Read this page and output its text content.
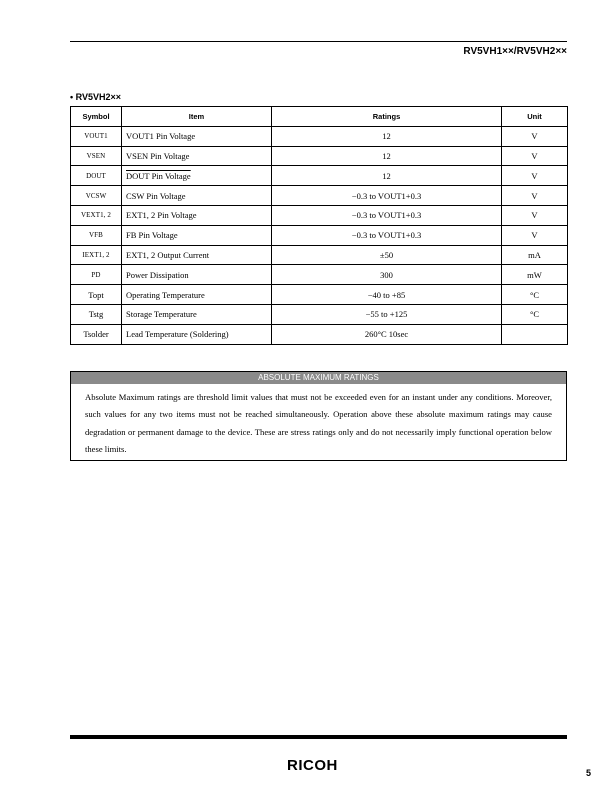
RV5VH1××/RV5VH2××
• RV5VH2××
Symbol	Item	Ratings	Unit
VOUT1	VOUT1 Pin Voltage	12	V
VSEN	VSEN Pin Voltage	12	V
DOUT	DOUT Pin Voltage	12	V
VCSW	CSW Pin Voltage	−0.3 to VOUT1+0.3	V
VEXT1, 2	EXT1, 2 Pin Voltage	−0.3 to VOUT1+0.3	V
VFB	FB Pin Voltage	−0.3 to VOUT1+0.3	V
IEXT1, 2	EXT1, 2 Output Current	±50	mA
PD	Power Dissipation	300	mW
Topt	Operating Temperature	−40 to +85	°C
Tstg	Storage Temperature	−55 to +125	°C
Tsolder	Lead Temperature (Soldering)	260°C 10sec	
ABSOLUTE MAXIMUM RATINGS
Absolute Maximum ratings are threshold limit values that must not be exceeded even for an instant under any conditions. Moreover, such values for any two items must not be reached simultaneously. Operation above these absolute maximum ratings may cause degradation or permanent damage to the device. These are stress ratings only and do not necessarily imply functional operation below these limits.
RICOH	5
